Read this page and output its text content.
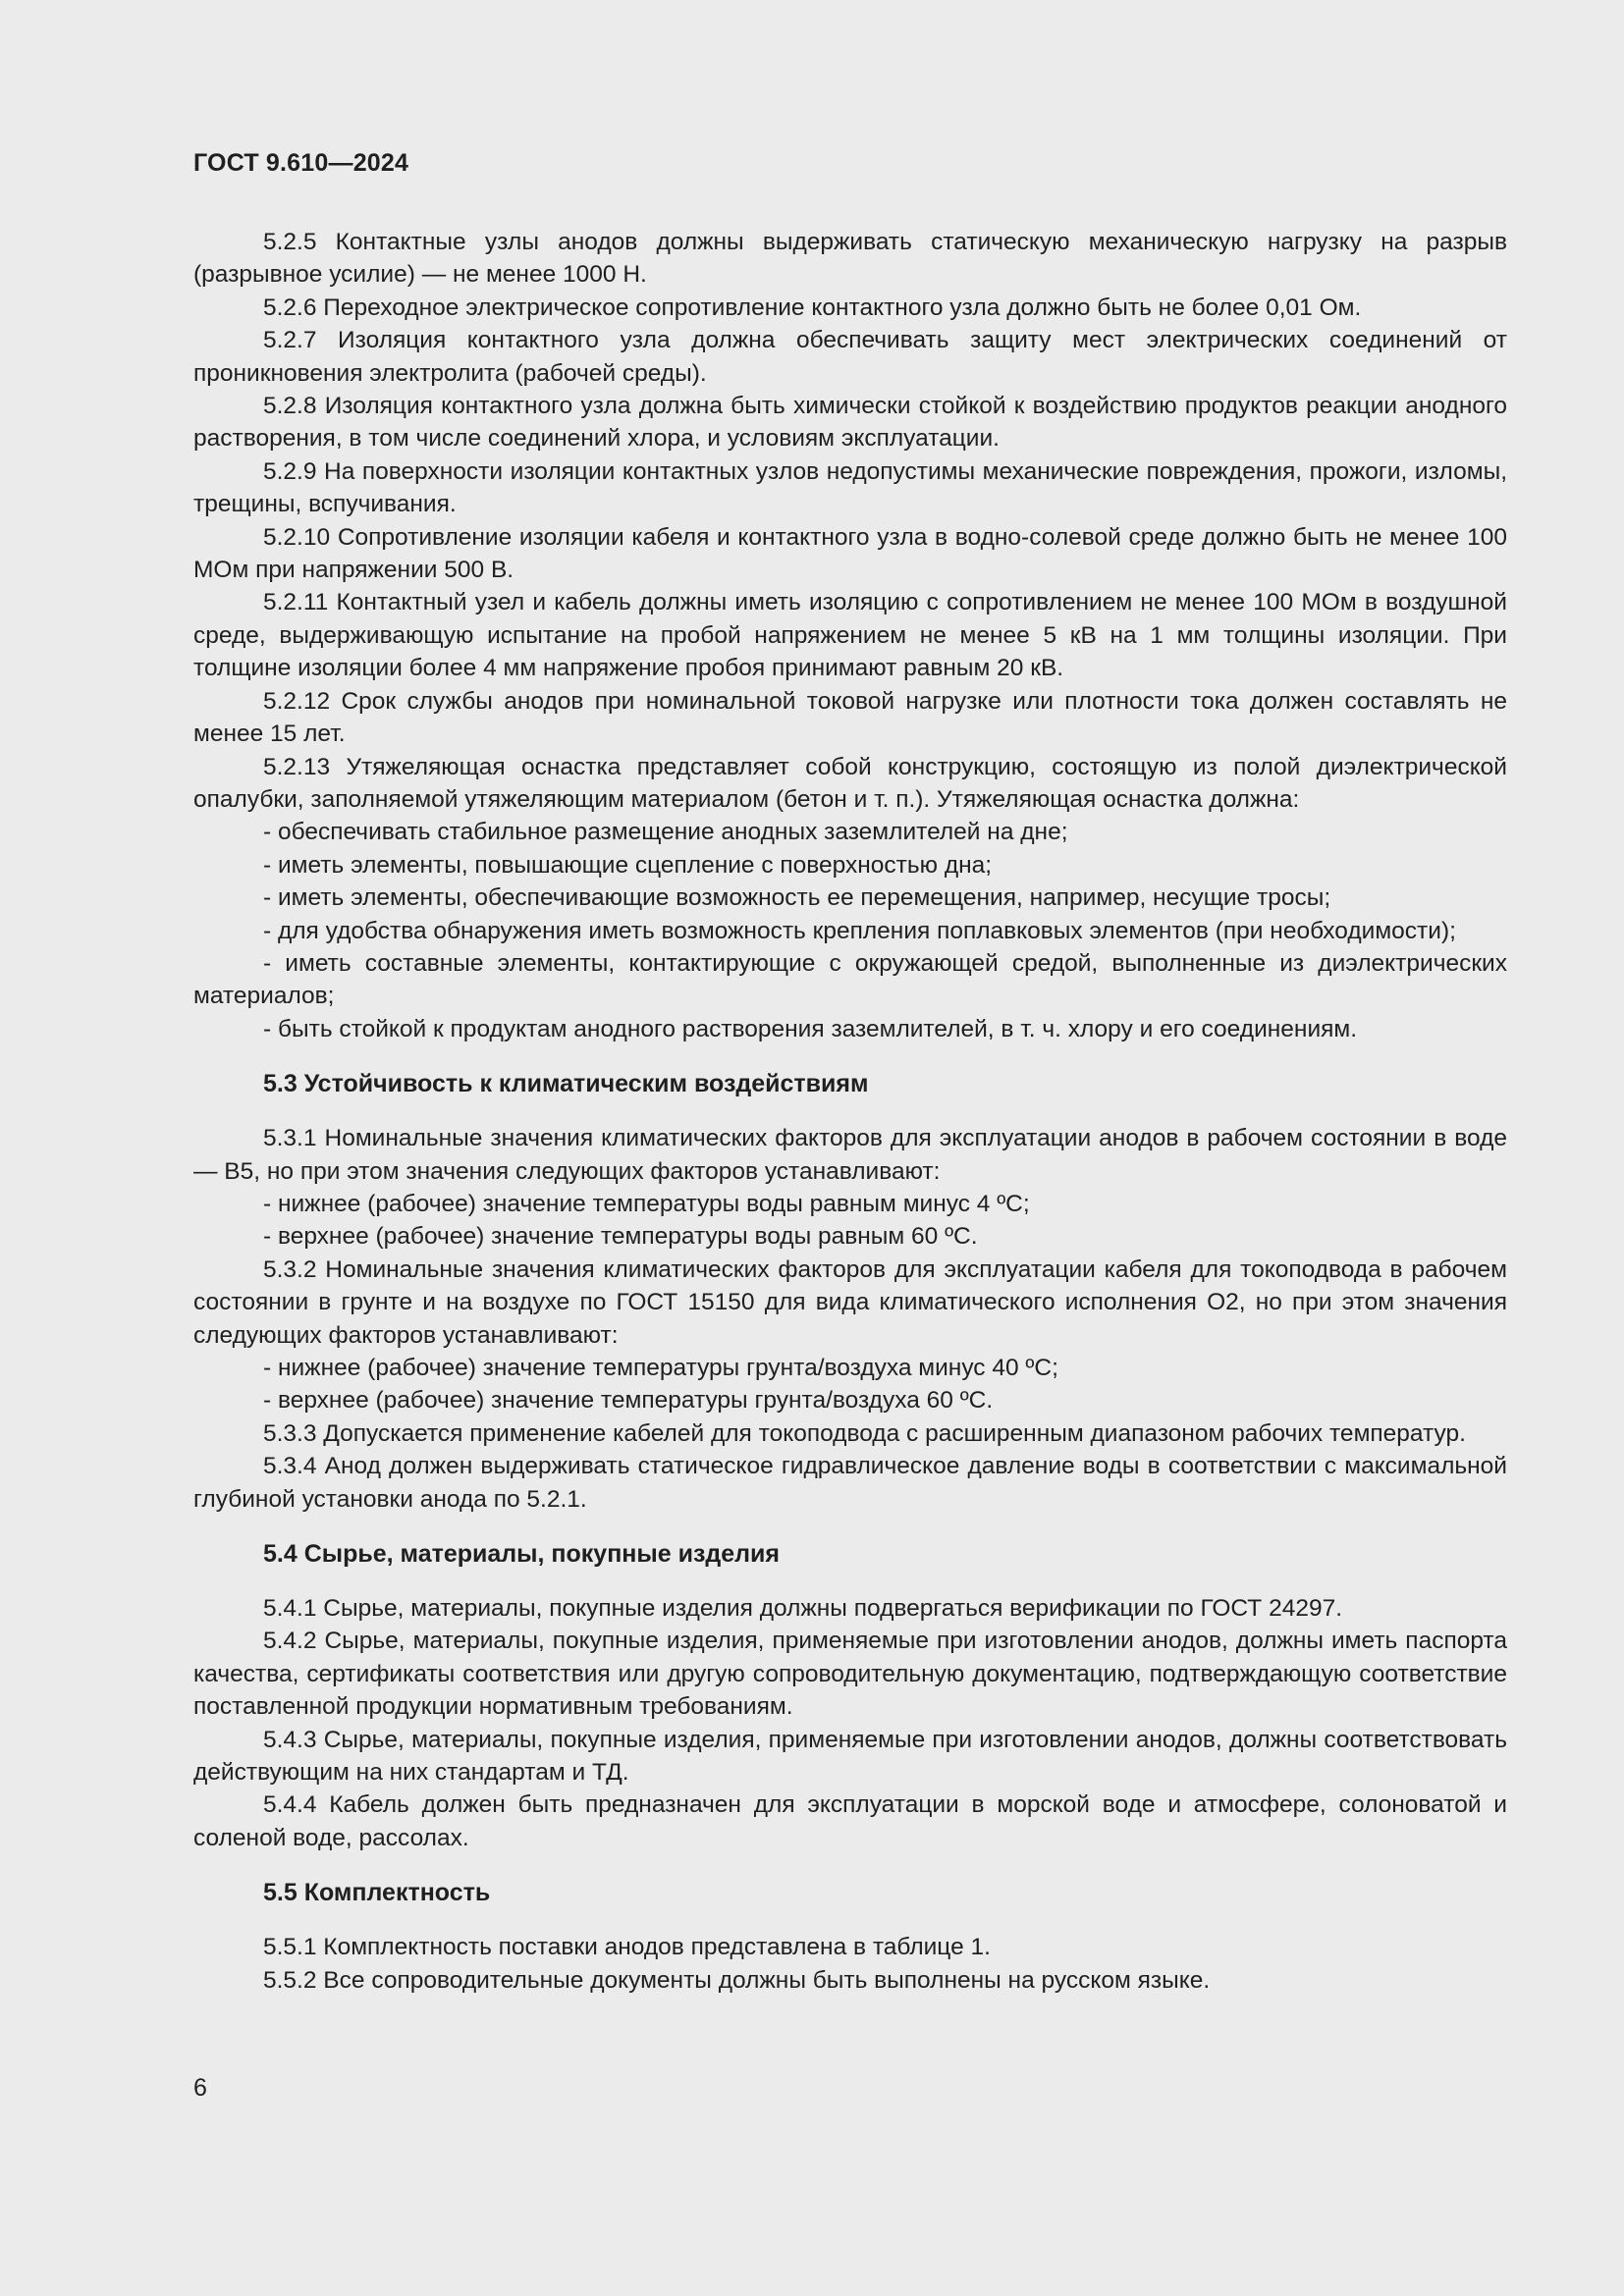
ГОСТ 9.610—2024

5.2.5 Контактные узлы анодов должны выдерживать статическую механическую нагрузку на разрыв (разрывное усилие) — не менее 1000 Н.

5.2.6 Переходное электрическое сопротивление контактного узла должно быть не более 0,01 Ом.

5.2.7 Изоляция контактного узла должна обеспечивать защиту мест электрических соединений от проникновения электролита (рабочей среды).

5.2.8 Изоляция контактного узла должна быть химически стойкой к воздействию продуктов реакции анодного растворения, в том числе соединений хлора, и условиям эксплуатации.

5.2.9 На поверхности изоляции контактных узлов недопустимы механические повреждения, прожоги, изломы, трещины, вспучивания.

5.2.10 Сопротивление изоляции кабеля и контактного узла в водно-солевой среде должно быть не менее 100 МОм при напряжении 500 В.

5.2.11 Контактный узел и кабель должны иметь изоляцию с сопротивлением не менее 100 МОм в воздушной среде, выдерживающую испытание на пробой напряжением не менее 5 кВ на 1 мм толщины изоляции. При толщине изоляции более 4 мм напряжение пробоя принимают равным 20 кВ.

5.2.12 Срок службы анодов при номинальной токовой нагрузке или плотности тока должен составлять не менее 15 лет.

5.2.13 Утяжеляющая оснастка представляет собой конструкцию, состоящую из полой диэлектрической опалубки, заполняемой утяжеляющим материалом (бетон и т. п.). Утяжеляющая оснастка должна:

- обеспечивать стабильное размещение анодных заземлителей на дне;

- иметь элементы, повышающие сцепление с поверхностью дна;

- иметь элементы, обеспечивающие возможность ее перемещения, например, несущие тросы;

- для удобства обнаружения иметь возможность крепления поплавковых элементов (при необходимости);

- иметь составные элементы, контактирующие с окружающей средой, выполненные из диэлектрических материалов;

- быть стойкой к продуктам анодного растворения заземлителей, в т. ч. хлору и его соединениям.

5.3 Устойчивость к климатическим воздействиям

5.3.1 Номинальные значения климатических факторов для эксплуатации анодов в рабочем состоянии в воде — В5, но при этом значения следующих факторов устанавливают:

- нижнее (рабочее) значение температуры воды равным минус 4 ºС;

- верхнее (рабочее) значение температуры воды равным 60 ºС.

5.3.2 Номинальные значения климатических факторов для эксплуатации кабеля для токоподвода в рабочем состоянии в грунте и на воздухе по ГОСТ 15150 для вида климатического исполнения О2, но при этом значения следующих факторов устанавливают:

- нижнее (рабочее) значение температуры грунта/воздуха минус 40 ºС;

- верхнее (рабочее) значение температуры грунта/воздуха 60 ºС.

5.3.3 Допускается применение кабелей для токоподвода с расширенным диапазоном рабочих температур.

5.3.4 Анод должен выдерживать статическое гидравлическое давление воды в соответствии с максимальной глубиной установки анода по 5.2.1.

5.4 Сырье, материалы, покупные изделия

5.4.1 Сырье, материалы, покупные изделия должны подвергаться верификации по ГОСТ 24297.

5.4.2 Сырье, материалы, покупные изделия, применяемые при изготовлении анодов, должны иметь паспорта качества, сертификаты соответствия или другую сопроводительную документацию, подтверждающую соответствие поставленной продукции нормативным требованиям.

5.4.3 Сырье, материалы, покупные изделия, применяемые при изготовлении анодов, должны соответствовать действующим на них стандартам и ТД.

5.4.4 Кабель должен быть предназначен для эксплуатации в морской воде и атмосфере, солоноватой и соленой воде, рассолах.

5.5 Комплектность

5.5.1 Комплектность поставки анодов представлена в таблице 1.

5.5.2 Все сопроводительные документы должны быть выполнены на русском языке.

6
